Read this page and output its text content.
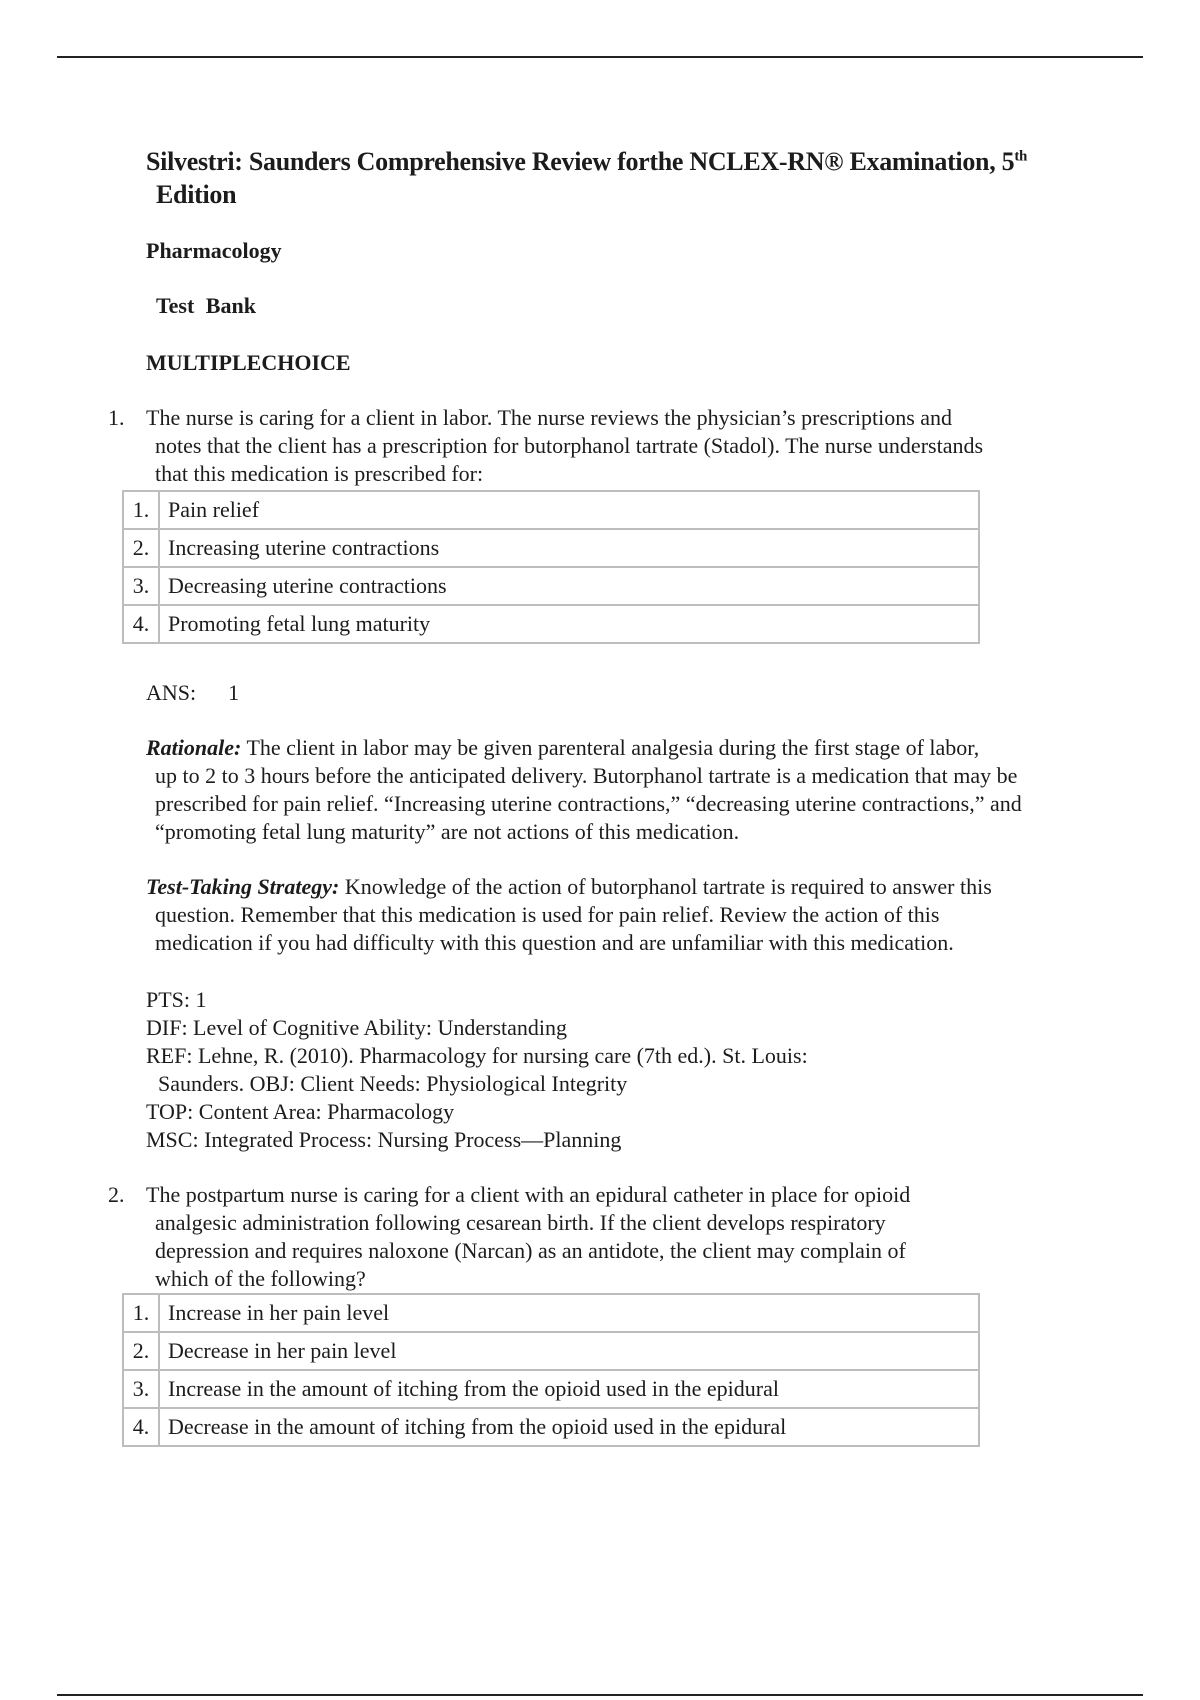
Silvestri: Saunders Comprehensive Review forthe NCLEX-RN® Examination, 5th
Edition
Pharmacology
Test Bank
MULTIPLECHOICE
1. The nurse is caring for a client in labor. The nurse reviews the physician’s prescriptions and
notes that the client has a prescription for butorphanol tartrate (Stadol). The nurse understands
that this medication is prescribed for:
1.	Pain relief
2.	Increasing uterine contractions
3.	Decreasing uterine contractions
4.	Promoting fetal lung maturity
ANS: 1
Rationale: The client in labor may be given parenteral analgesia during the first stage of labor,
up to 2 to 3 hours before the anticipated delivery. Butorphanol tartrate is a medication that may be
prescribed for pain relief. “Increasing uterine contractions,” “decreasing uterine contractions,” and
“promoting fetal lung maturity” are not actions of this medication.
Test-Taking Strategy: Knowledge of the action of butorphanol tartrate is required to answer this
question. Remember that this medication is used for pain relief. Review the action of this
medication if you had difficulty with this question and are unfamiliar with this medication.
PTS: 1
DIF: Level of Cognitive Ability: Understanding
REF: Lehne, R. (2010). Pharmacology for nursing care (7th ed.). St. Louis:
Saunders. OBJ: Client Needs: Physiological Integrity
TOP: Content Area: Pharmacology
MSC: Integrated Process: Nursing Process—Planning
2. The postpartum nurse is caring for a client with an epidural catheter in place for opioid
analgesic administration following cesarean birth. If the client develops respiratory
depression and requires naloxone (Narcan) as an antidote, the client may complain of
which of the following?
1.	Increase in her pain level
2.	Decrease in her pain level
3.	Increase in the amount of itching from the opioid used in the epidural
4.	Decrease in the amount of itching from the opioid used in the epidural
